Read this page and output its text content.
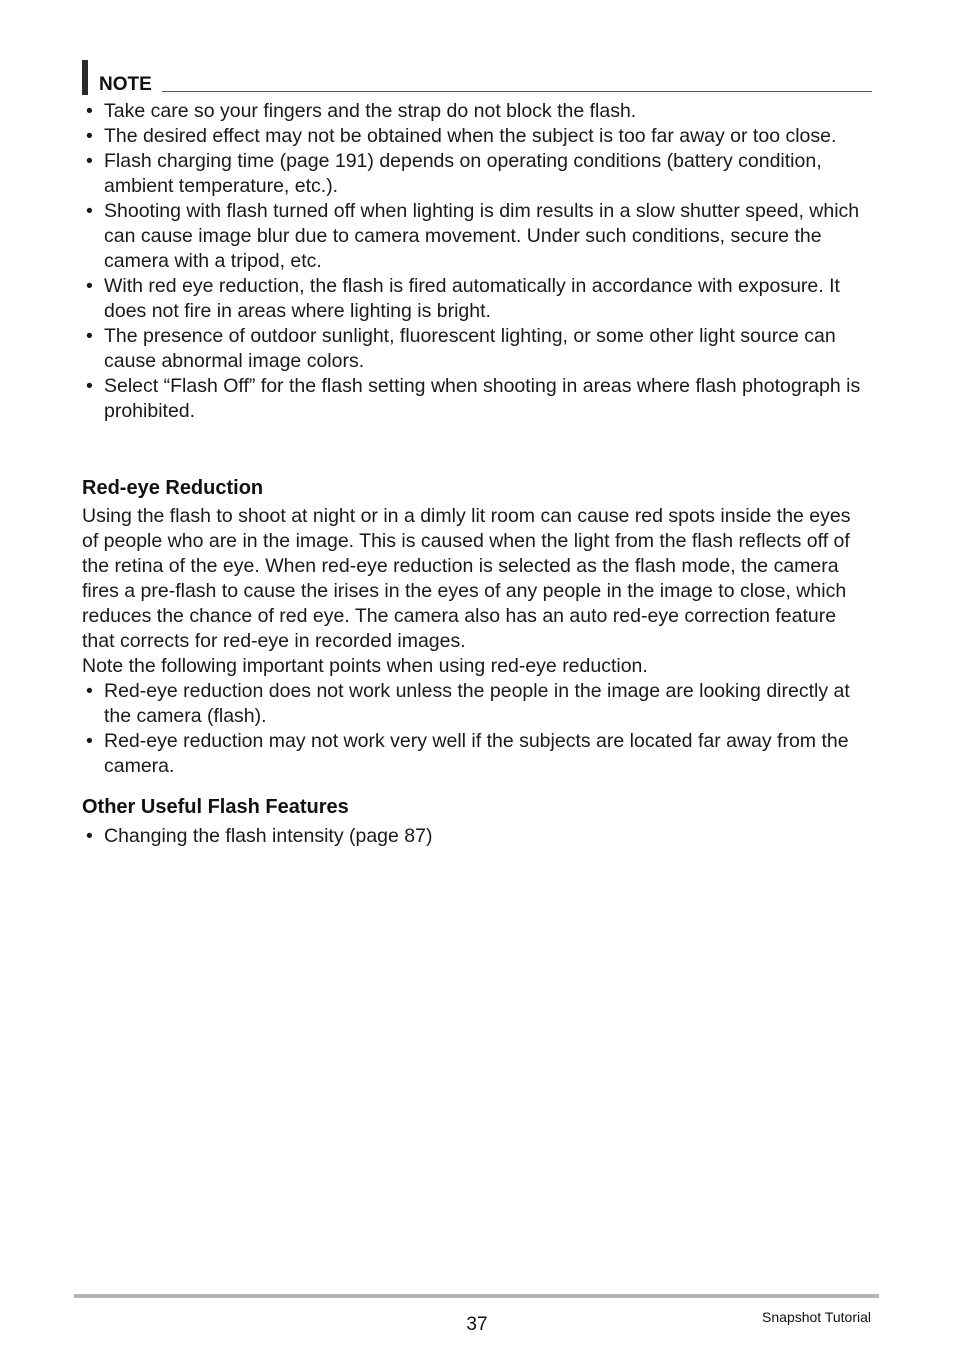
NOTE
• Take care so your fingers and the strap do not block the flash.
• The desired effect may not be obtained when the subject is too far away or too close.
• Flash charging time (page 191) depends on operating conditions (battery condition, ambient temperature, etc.).
• Shooting with flash turned off when lighting is dim results in a slow shutter speed, which can cause image blur due to camera movement. Under such conditions, secure the camera with a tripod, etc.
• With red eye reduction, the flash is fired automatically in accordance with exposure. It does not fire in areas where lighting is bright.
• The presence of outdoor sunlight, fluorescent lighting, or some other light source can cause abnormal image colors.
• Select “Flash Off” for the flash setting when shooting in areas where flash photograph is prohibited.
Red-eye Reduction

Using the flash to shoot at night or in a dimly lit room can cause red spots inside the eyes of people who are in the image. This is caused when the light from the flash reflects off of the retina of the eye. When red-eye reduction is selected as the flash mode, the camera fires a pre-flash to cause the irises in the eyes of any people in the image to close, which reduces the chance of red eye. The camera also has an auto red-eye correction feature that corrects for red-eye in recorded images.

Note the following important points when using red-eye reduction.

• Red-eye reduction does not work unless the people in the image are looking directly at the camera (flash).
• Red-eye reduction may not work very well if the subjects are located far away from the camera.
Other Useful Flash Features
• Changing the flash intensity (page 87)
37	Snapshot Tutorial
